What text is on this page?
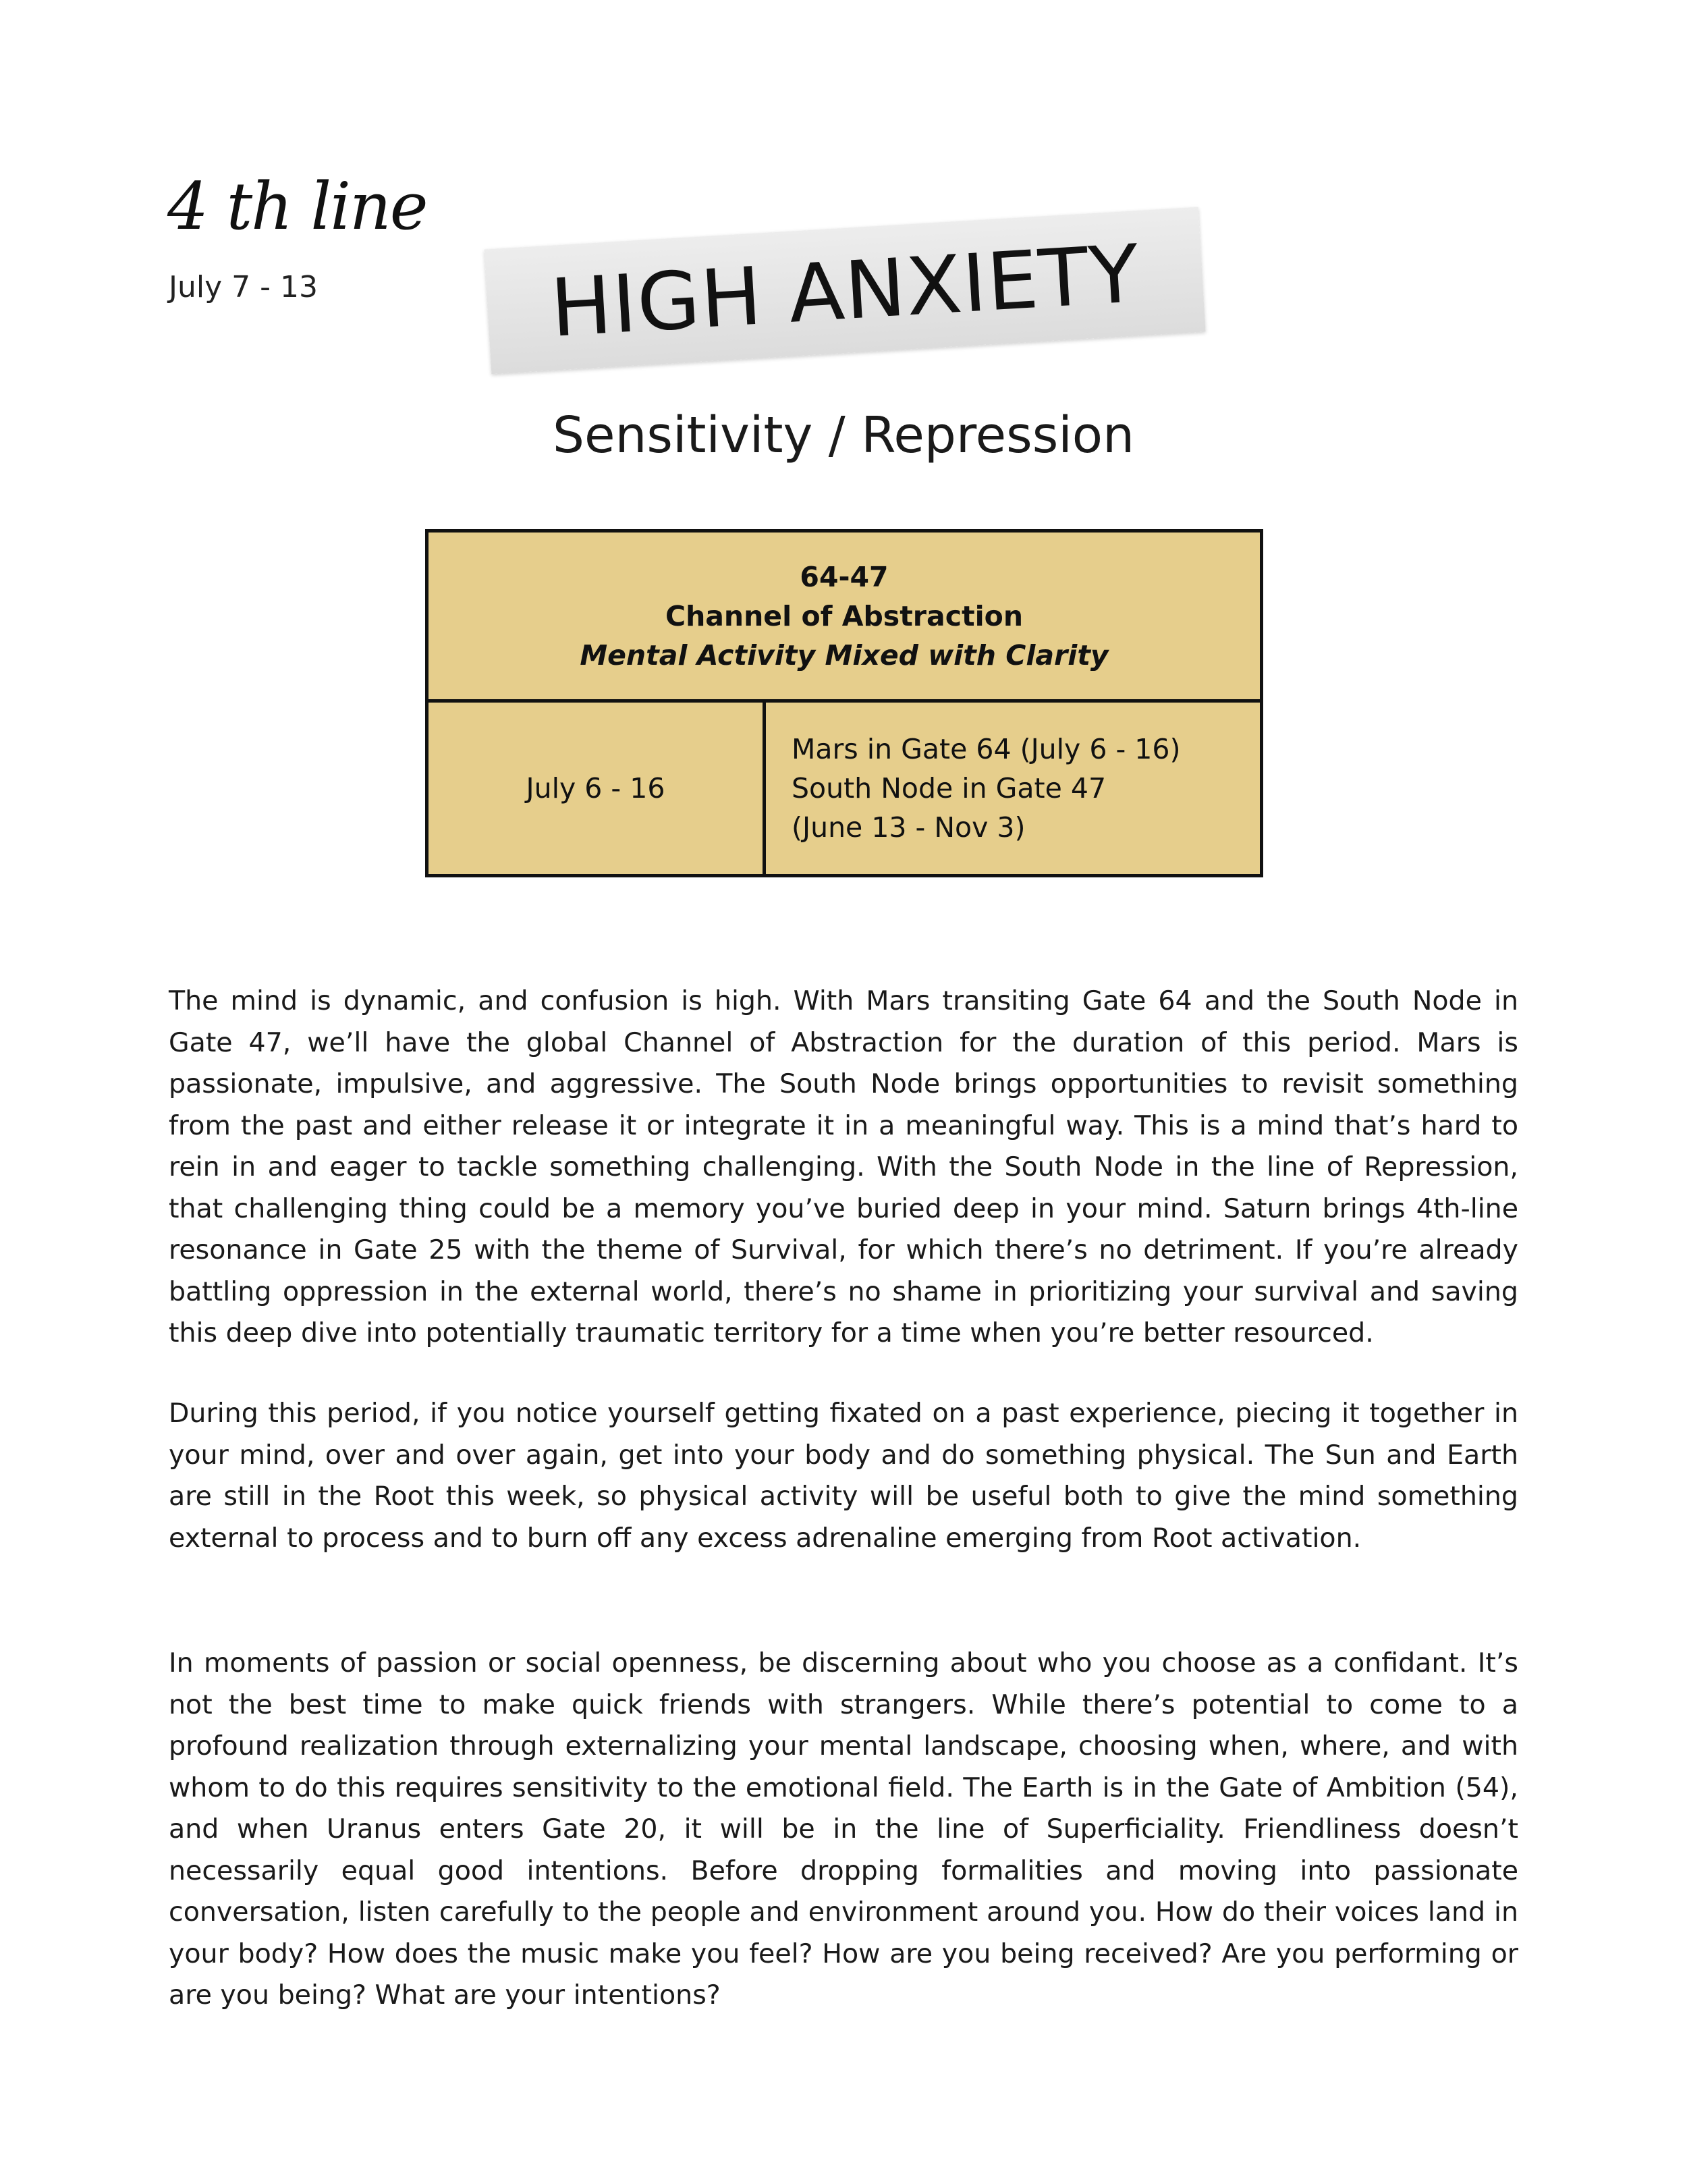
4 th line
July 7 - 13	HIGH ANXIETY
Sensitivity / Repression
64-47
Channel of Abstraction
Mental Activity Mixed with Clarity
July 6 - 16
Mars in Gate 64 (July 6 - 16)
South Node in Gate 47
(June 13 - Nov 3)

The mind is dynamic, and confusion is high. With Mars transiting Gate 64 and the South Node in Gate 47, we’ll have the global Channel of Abstraction for the duration of this period. Mars is passionate, impulsive, and aggressive. The South Node brings opportunities to revisit something from the past and either release it or integrate it in a meaningful way. This is a mind that’s hard to rein in and eager to tackle something challenging. With the South Node in the line of Repression, that challenging thing could be a memory you’ve buried deep in your mind. Saturn brings 4th-line resonance in Gate 25 with the theme of Survival, for which there’s no detriment. If you’re already battling oppression in the external world, there’s no shame in prioritizing your survival and saving this deep dive into potentially traumatic territory for a time when you’re better resourced.

During this period, if you notice yourself getting fixated on a past experience, piecing it together in your mind, over and over again, get into your body and do something physical. The Sun and Earth are still in the Root this week, so physical activity will be useful both to give the mind something external to process and to burn off any excess adrenaline emerging from Root activation.

In moments of passion or social openness, be discerning about who you choose as a confidant. It’s not the best time to make quick friends with strangers. While there’s potential to come to a profound realization through externalizing your mental landscape, choosing when, where, and with whom to do this requires sensitivity to the emotional field. The Earth is in the Gate of Ambition (54), and when Uranus enters Gate 20, it will be in the line of Superficiality. Friendliness doesn’t necessarily equal good intentions. Before dropping formalities and moving into passionate conversation, listen carefully to the people and environment around you. How do their voices land in your body? How does the music make you feel? How are you being received? Are you performing or are you being? What are your intentions?
